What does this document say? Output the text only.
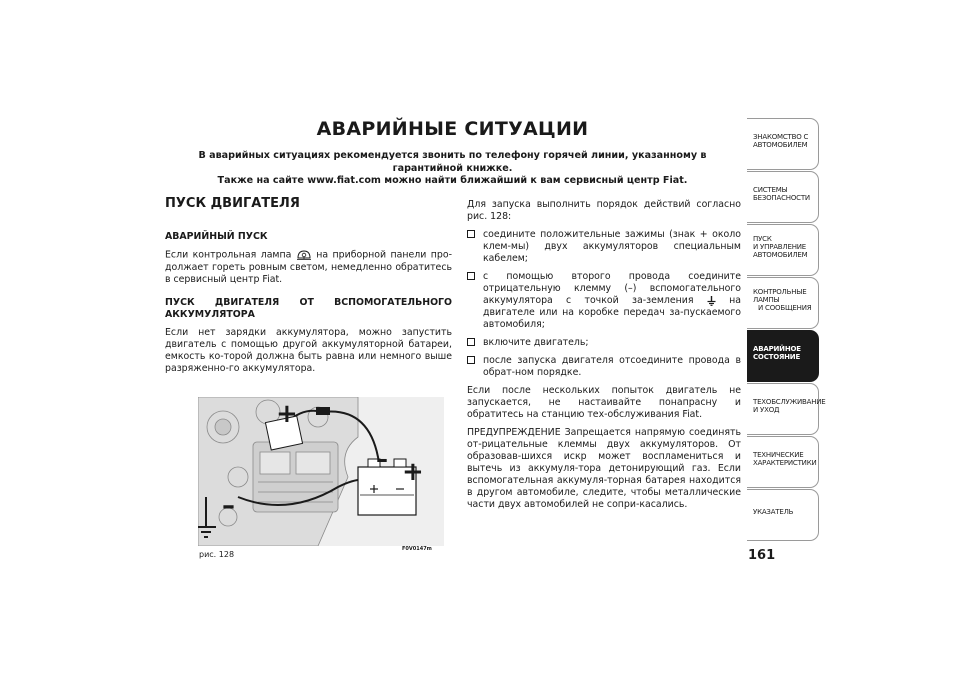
АВАРИЙНЫЕ СИТУАЦИИ
В аварийных ситуациях рекомендуется звонить по телефону горячей линии, указанному в гарантийной книжке.
Также на сайте www.fiat.com можно найти ближайший к вам сервисный центр Fiat.
ПУСК ДВИГАТЕЛЯ
АВАРИЙНЫЙ ПУСК

Если контрольная лампа	на приборной панели про-должает гореть ровным светом, немедленно обратитесь в сервисный центр Fiat.

ПУСК ДВИГАТЕЛЯ ОТ ВСПОМОГАТЕЛЬНОГО АККУМУЛЯТОРА

Если нет зарядки аккумулятора, можно запустить двигатель с помощью другой аккумуляторной батареи, емкость ко-торой должна быть равна или немного выше разряженно-го аккумулятора.

+
– +
–
рис. 128
F0V0147m

Для запуска выполнить порядок действий согласно рис. 128:

соедините положительные зажимы (знак + около клем-мы) двух аккумуляторов специальным кабелем;
с помощью второго провода соедините отрицательную клемму (–) вспомогательного аккумулятора с точкой за-земления	на двигателе или на коробке передач за-пускаемого автомобиля;
включите двигатель;
после запуска двигателя отсоедините провода в обрат-ном порядке.

Если после нескольких попыток двигатель не запускается, не настаивайте понапрасну и обратитесь на станцию тех-обслуживания Fiat.

ПРЕДУПРЕЖДЕНИЕ Запрещается напрямую соединять от-рицательные клеммы двух аккумуляторов. От образовав-шихся искр может воспламениться и вытечь из аккумуля-тора детонирующий газ. Если вспомогательная аккумуля-торная батарея находится в другом автомобиле, следите, чтобы металлические части двух автомобилей не сопри-касались.

ЗНАКОМСТВО С
АВТОМОБИЛЕМ
СИСТЕМЫ
БЕЗОПАСНОСТИ
ПУСК
И УПРАВЛЕНИЕ
АВТОМОБИЛЕМ
КОНТРОЛЬНЫЕ
ЛАМПЫ
И СООБЩЕНИЯ
АВАРИЙНОЕ
СОСТОЯНИЕ
ТЕХОБСЛУЖИВАНИЕ
И УХОД
ТЕХНИЧЕСКИЕ
ХАРАКТЕРИСТИКИ
УКАЗАТЕЛЬ
161
